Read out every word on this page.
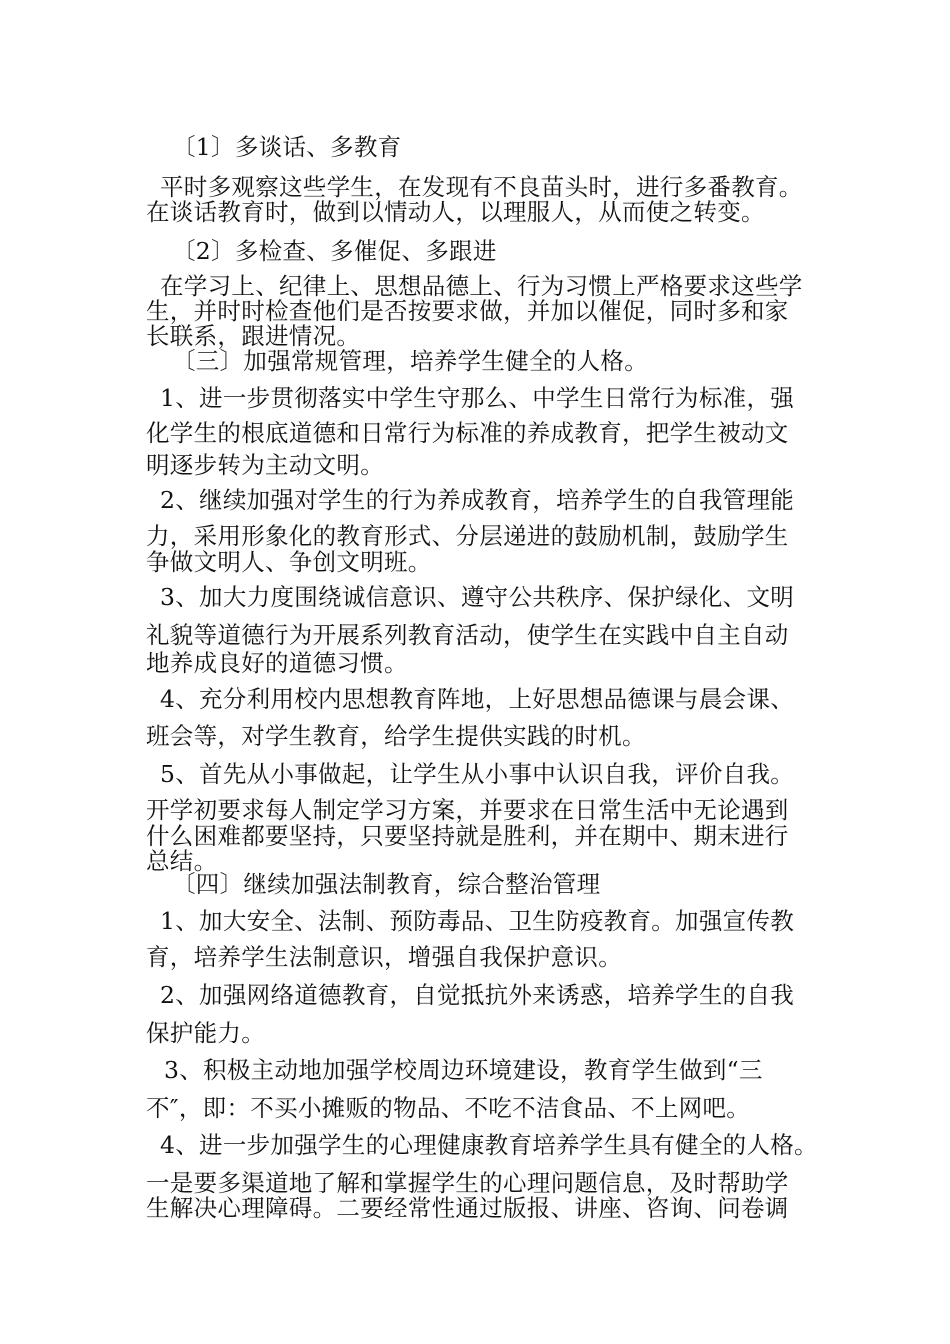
〔1〕多谈话、多教育
平时多观察这些学生，在发现有不良苗头时，进行多番教育。
在谈话教育时，做到以情动人，以理服人，从而使之转变。
〔2〕多检查、多催促、多跟进
在学习上、纪律上、思想品德上、行为习惯上严格要求这些学
生，并时时检查他们是否按要求做，并加以催促，同时多和家
长联系，跟进情况。
〔三〕加强常规管理，培养学生健全的人格。
1、进一步贯彻落实中学生守那么、中学生日常行为标准，强
化学生的根底道德和日常行为标准的养成教育，把学生被动文
明逐步转为主动文明。
2、继续加强对学生的行为养成教育，培养学生的自我管理能
力，采用形象化的教育形式、分层递进的鼓励机制，鼓励学生
争做文明人、争创文明班。
3、加大力度围绕诚信意识、遵守公共秩序、保护绿化、文明
礼貌等道德行为开展系列教育活动，使学生在实践中自主自动
地养成良好的道德习惯。
4、充分利用校内思想教育阵地，上好思想品德课与晨会课、
班会等，对学生教育，给学生提供实践的时机。
5、首先从小事做起，让学生从小事中认识自我，评价自我。
开学初要求每人制定学习方案，并要求在日常生活中无论遇到
什么困难都要坚持，只要坚持就是胜利，并在期中、期末进行
总结。
〔四〕继续加强法制教育，综合整治管理
1、加大安全、法制、预防毒品、卫生防疫教育。加强宣传教
育，培养学生法制意识，增强自我保护意识。
2、加强网络道德教育，自觉抵抗外来诱惑，培养学生的自我
保护能力。
3、积极主动地加强学校周边环境建设，教育学生做到“三
不″，即：不买小摊贩的物品、不吃不洁食品、不上网吧。
4、进一步加强学生的心理健康教育培养学生具有健全的人格。
一是要多渠道地了解和掌握学生的心理问题信息，及时帮助学
生解决心理障碍。二要经常性通过版报、讲座、咨询、问卷调
